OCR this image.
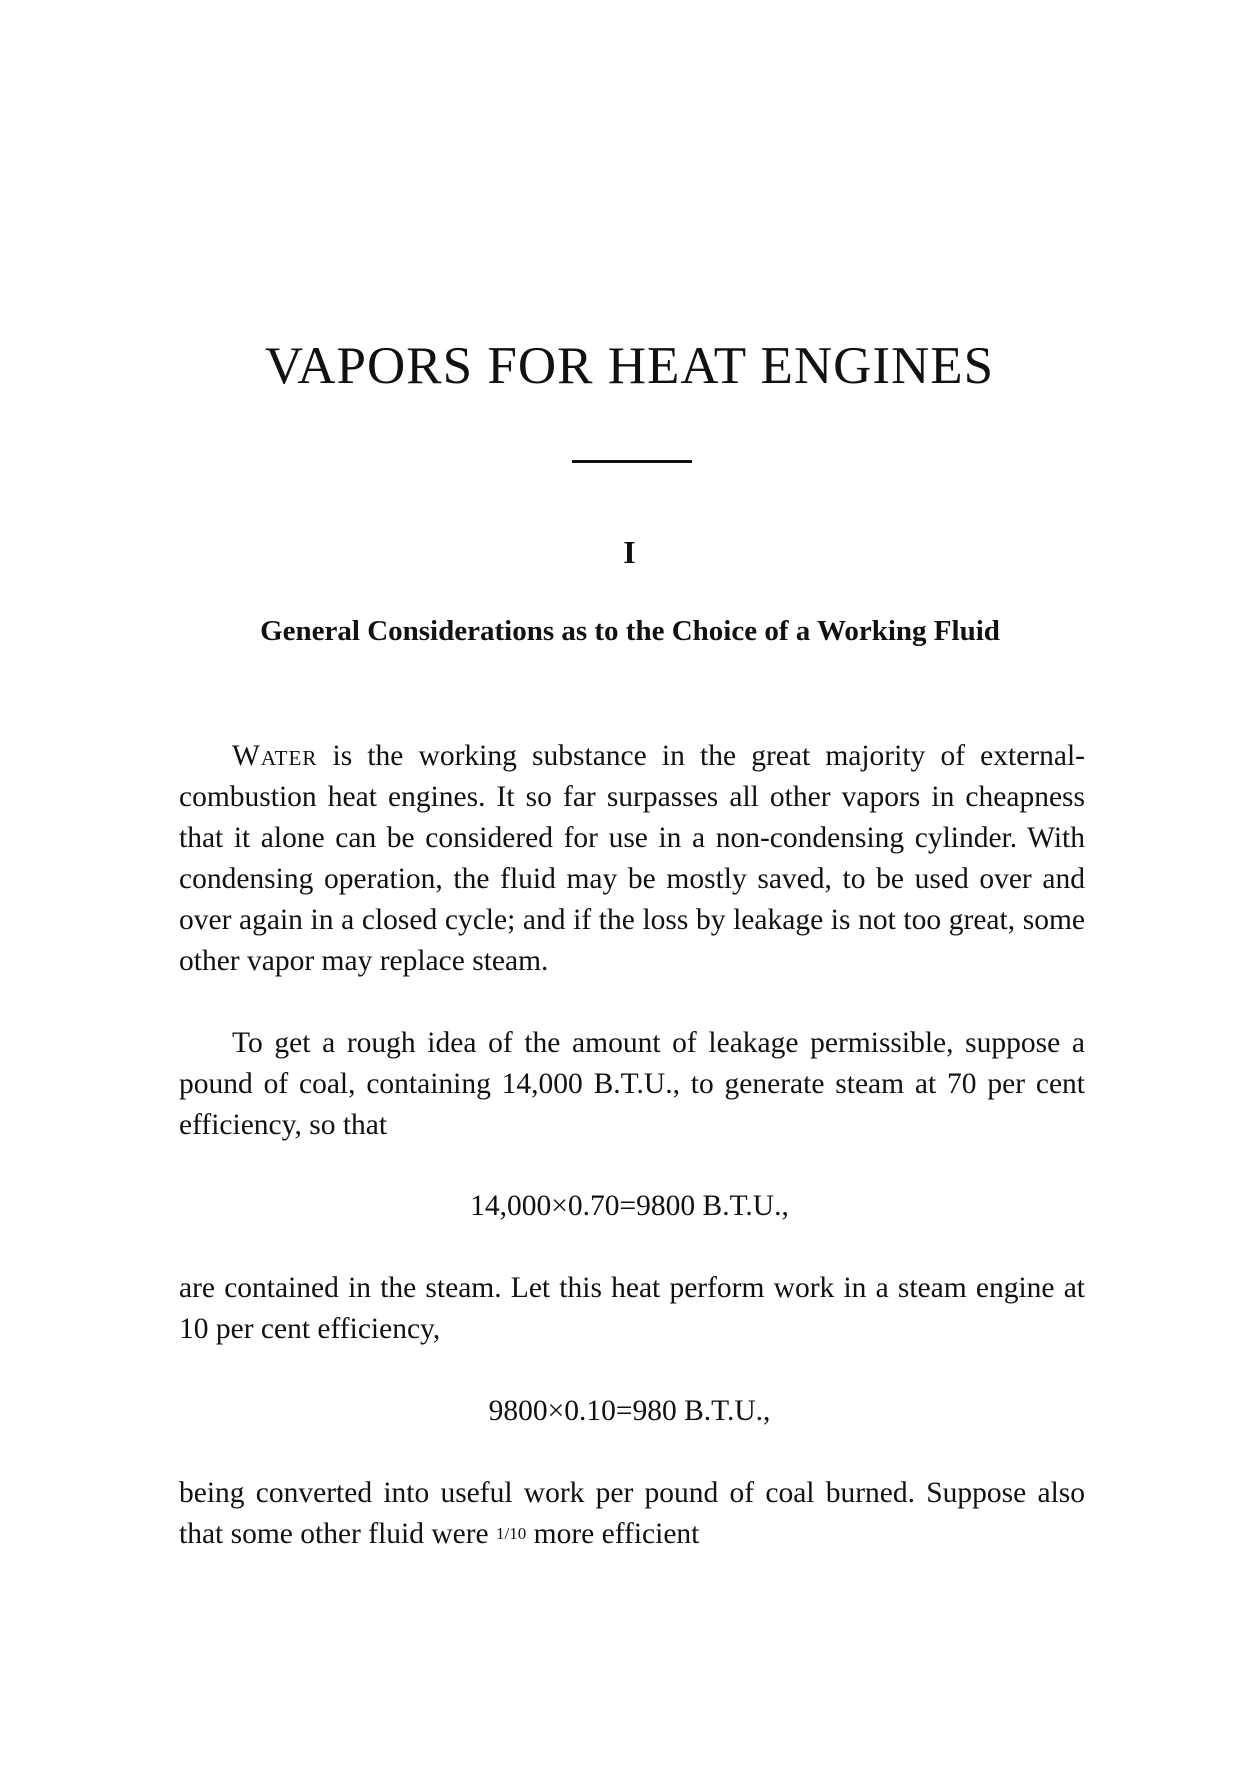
VAPORS FOR HEAT ENGINES
I
General Considerations as to the Choice of a Working Fluid

Water is the working substance in the great majority of external-combustion heat engines. It so far surpasses all other vapors in cheapness that it alone can be considered for use in a non-condensing cylinder. With condensing operation, the fluid may be mostly saved, to be used over and over again in a closed cycle; and if the loss by leakage is not too great, some other vapor may replace steam.

To get a rough idea of the amount of leakage permissible, suppose a pound of coal, containing 14,000 B.T.U., to generate steam at 70 per cent efficiency, so that

14,000×0.70=9800 B.T.U.,

are contained in the steam. Let this heat perform work in a steam engine at 10 per cent efficiency,

9800×0.10=980 B.T.U.,

being converted into useful work per pound of coal burned. Suppose also that some other fluid were 1/10 more efficient
